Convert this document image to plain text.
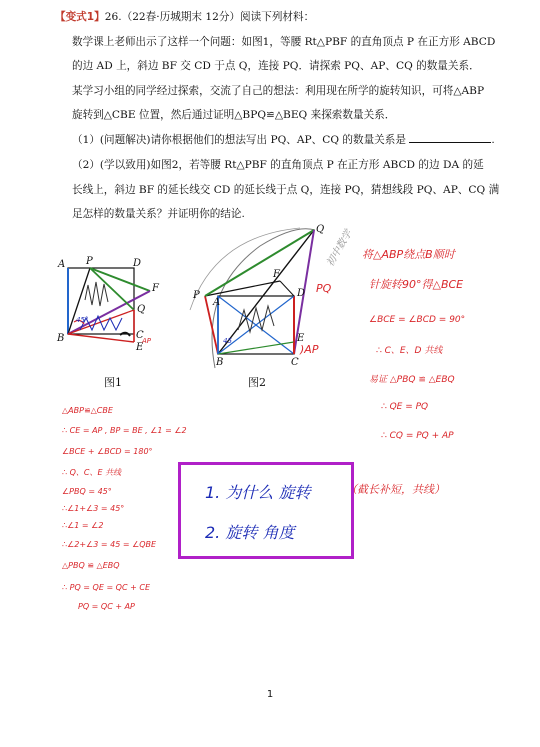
【变式1】26.（22春·历城期末 12分）阅读下列材料：
数学课上老师出示了这样一个问题：如图1，等腰 Rt△PBF 的直角顶点 P 在正方形 ABCD
的边 AD 上，斜边 BF 交 CD 于点 Q，连接 PQ．请探索 PQ、AP、CQ 的数量关系．
某学习小组的同学经过探索，交流了自己的想法：利用现在所学的旋转知识，可将△ABP
旋转到△CBE 位置，然后通过证明△BPQ≌△BEQ 来探索数量关系．
（1）(问题解决)请你根据他们的想法写出 PQ、AP、CQ 的数量关系是	.
（2）(学以致用)如图2，若等腰 Rt△PBF 的直角顶点 P 在正方形 ABCD 的边 DA 的延
长线上，斜边 BF 的延长线交 CD 的延长线于点 Q，连接 PQ，猜想线段 PQ、AP、CQ 满
足怎样的数量关系？并证明你的结论.
A P	D
F
Q
B	C
E
45°
AP
图1
Q
F
P
A
D
B	C
E
45
PQ
)AP
图2
初中数学 将△ABP绕点B顺时
针旋转90°得△BCE
∠BCE = ∠BCD = 90°
∴ C、E、D 共线
易证 △PBQ ≌ △EBQ
∴ QE = PQ
∴ CQ = PQ + AP
△ABP≌△CBE
∴ CE = AP , BP = BE , ∠1 = ∠2
∠BCE + ∠BCD = 180°
∴ Q、C、E 共线
∠PBQ = 45°
∴∠1+∠3 = 45°
∴∠1 = ∠2
∴∠2+∠3 = 45 = ∠QBE
△PBQ ≌ △EBQ
∴ PQ = QE = QC + CE
PQ = QC + AP
1. 为什么 旋转
2. 旋转 角度
（截长补短，共线）
1
